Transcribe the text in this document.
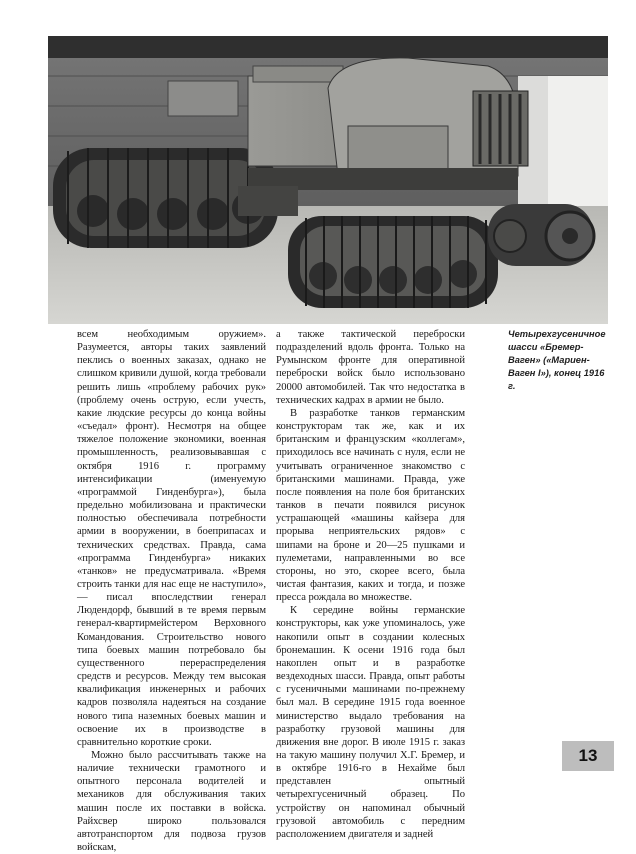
всем необходимым оружием». Разумеется, авторы таких заявлений пеклись о военных заказах, однако не слишком кривили душой, когда требовали решить лишь «проблему рабочих рук» (проблему очень острую, если учесть, какие людские ресурсы до конца войны «съедал» фронт). Несмотря на общее тяжелое положение экономики, военная промышленность, реализовывавшая с октября 1916 г. программу интенсификации (именуемую «программой Гинденбурга»), была предельно мобилизована и практически полностью обеспечивала потребности армии в вооружении, в боеприпасах и технических средствах. Правда, сама «программа Гинденбурга» никаких «танков» не предусматривала. «Время строить танки для нас еще не наступило», — писал впоследствии генерал Людендорф, бывший в те время первым генерал-квартирмейстером Верховного Командования. Строительство нового типа боевых машин потребовало бы существенного перераспределения средств и ресурсов. Между тем высокая квалификация инженерных и рабочих кадров позволяла надеяться на создание нового типа наземных боевых машин и освоение их в производстве в сравнительно короткие сроки.

Можно было рассчитывать также на наличие технически грамотного и опытного персонала водителей и механиков для обслуживания таких машин после их поставки в войска. Райхсвер широко пользовался автотранспортом для подвоза грузов войскам,

а также тактической переброски подразделений вдоль фронта. Только на Румынском фронте для оперативной переброски войск было использовано 20000 автомобилей. Так что недостатка в технических кадрах в армии не было.

В разработке танков германским конструкторам так же, как и их британским и французским «коллегам», приходилось все начинать с нуля, если не учитывать ограниченное знакомство с британскими машинами. Правда, уже после появления на поле боя британских танков в печати появился рисунок устрашающей «машины кайзера для прорыва неприятельских рядов» с шипами на броне и 20—25 пушками и пулеметами, направленными во все стороны, но это, скорее всего, была чистая фантазия, каких и тогда, и позже пресса рождала во множестве.

К середине войны германские конструкторы, как уже упоминалось, уже накопили опыт в создании колесных бронемашин. К осени 1916 года был накоплен опыт и в разработке вездеходных шасси. Правда, опыт работы с гусеничными машинами по-прежнему был мал. В середине 1915 года военное министерство выдало требования на разработку грузовой машины для движения вне дорог. В июле 1915 г. заказ на такую машину получил Х.Г. Бремер, и в октябре 1916-го в Нехайме был представлен опытный четырехгусеничный образец. По устройству он напоминал обычный грузовой автомобиль с передним расположением двигателя и задней

Четырехгусеничное шасси «Бремер-Ваген» («Мариен-Ваген I»), конец 1916 г.
13
